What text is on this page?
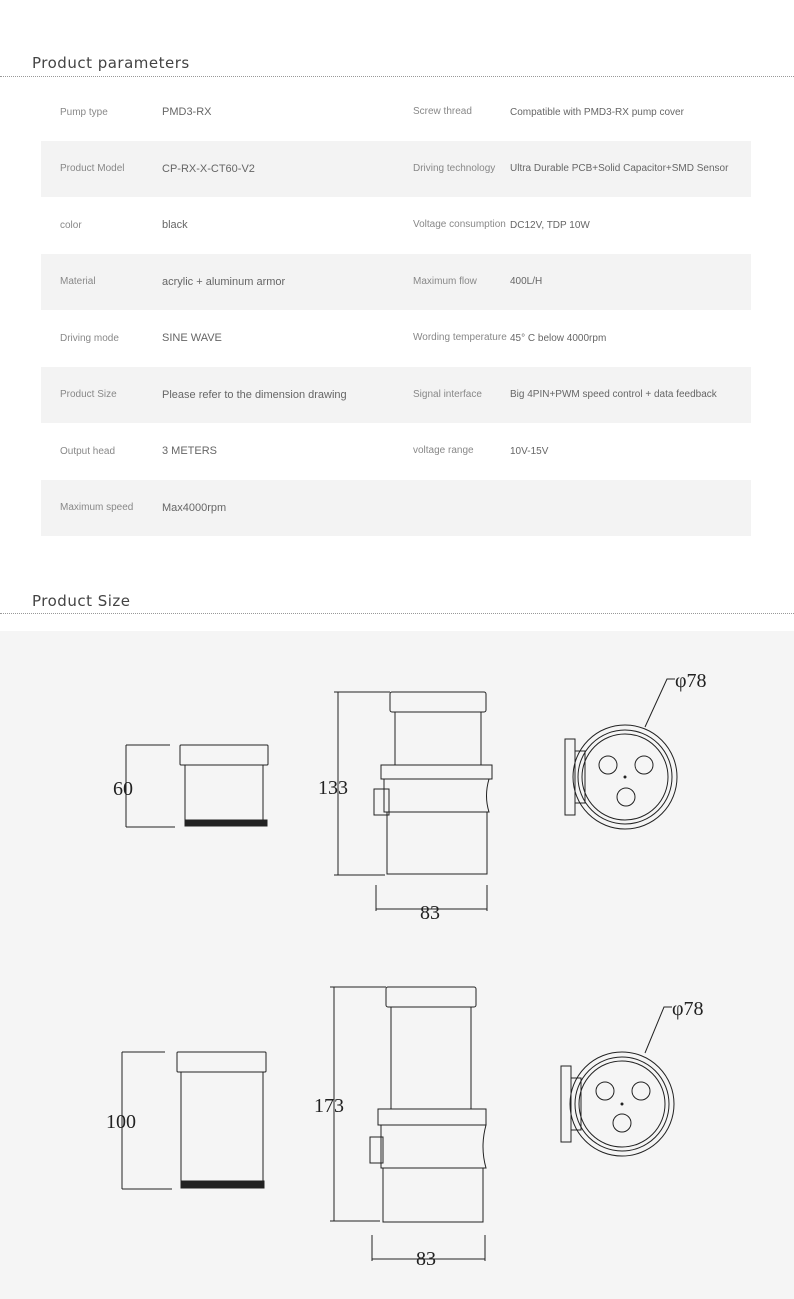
Product parameters
Pump type	PMD3-RX	Screw thread	Compatible with PMD3-RX pump cover
Product Model	CP-RX-X-CT60-V2	Driving technology	Ultra Durable PCB+Solid Capacitor+SMD Sensor
color	black	Voltage consumption DC12V, TDP 10W
Material	acrylic + aluminum armor	Maximum flow	400L/H
Driving mode	SINE WAVE	Wording temperature 45° C below 4000rpm
Product Size	Please refer to the dimension drawing	Signal interface	Big 4PIN+PWM speed control + data feedback
Output head	3 METERS	voltage range	10V-15V
Maximum speed	Max4000rpm
Product Size
60	133
83
φ78
100
173
83
φ78
